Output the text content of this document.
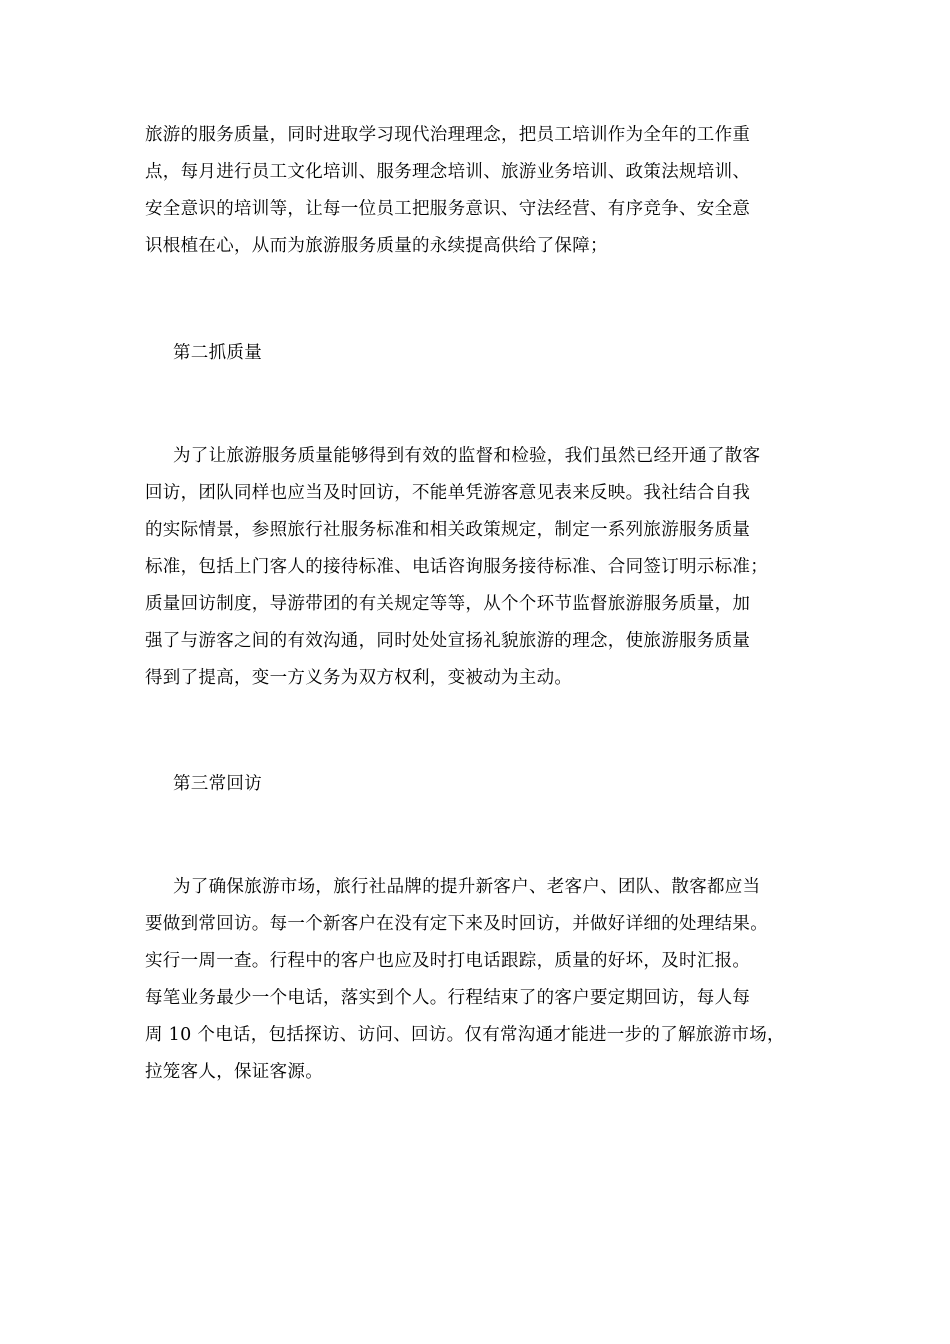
旅游的服务质量，同时进取学习现代治理理念，把员工培训作为全年的工作重
点，每月进行员工文化培训、服务理念培训、旅游业务培训、政策法规培训、
安全意识的培训等，让每一位员工把服务意识、守法经营、有序竞争、安全意
识根植在心，从而为旅游服务质量的永续提高供给了保障；
第二抓质量
为了让旅游服务质量能够得到有效的监督和检验，我们虽然已经开通了散客
回访，团队同样也应当及时回访，不能单凭游客意见表来反映。我社结合自我
的实际情景，参照旅行社服务标准和相关政策规定，制定一系列旅游服务质量
标准，包括上门客人的接待标准、电话咨询服务接待标准、合同签订明示标准；
质量回访制度，导游带团的有关规定等等，从个个环节监督旅游服务质量，加
强了与游客之间的有效沟通，同时处处宣扬礼貌旅游的理念，使旅游服务质量
得到了提高，变一方义务为双方权利，变被动为主动。
第三常回访
为了确保旅游市场，旅行社品牌的提升新客户、老客户、团队、散客都应当
要做到常回访。每一个新客户在没有定下来及时回访，并做好详细的处理结果。
实行一周一查。行程中的客户也应及时打电话跟踪，质量的好坏，及时汇报。
每笔业务最少一个电话，落实到个人。行程结束了的客户要定期回访，每人每
周 10 个电话，包括探访、访问、回访。仅有常沟通才能进一步的了解旅游市场，
拉笼客人，保证客源。
